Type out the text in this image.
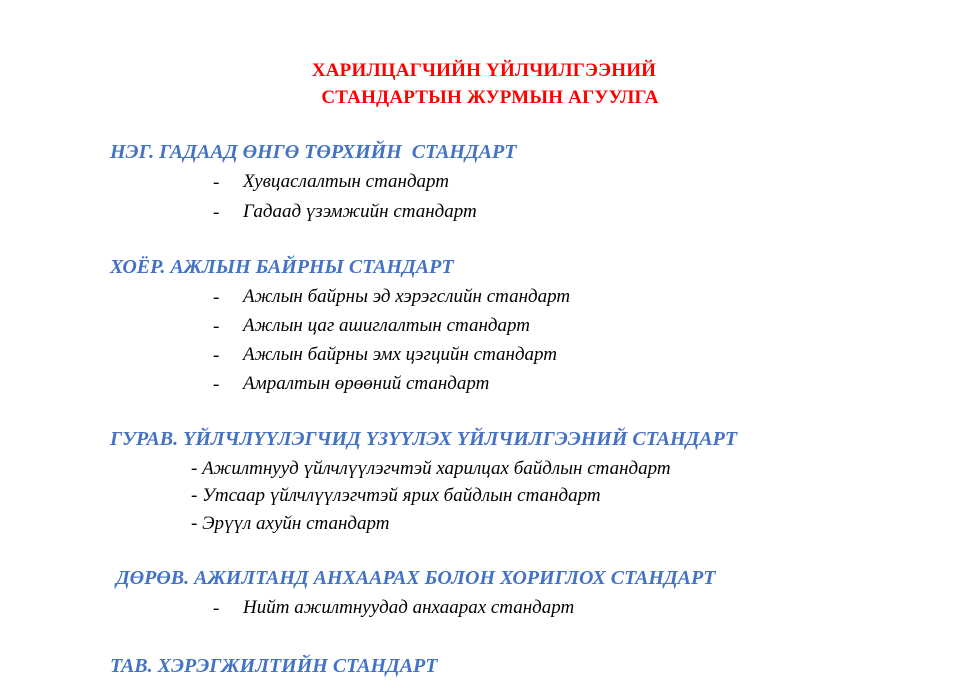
ХАРИЛЦАГЧИЙН ҮЙЛЧИЛГЭЭНИЙ

СТАНДАРТЫН ЖУРМЫН АГУУЛГА

НЭГ. ГАДААД ӨНГӨ ТӨРХИЙН  СТАНДАРТ

- Хувцаслалтын стандарт
- Гадаад үзэмжийн стандарт

ХОЁР. АЖЛЫН БАЙРНЫ СТАНДАРТ

- Ажлын байрны эд хэрэгслийн стандарт
- Ажлын цаг ашиглалтын стандарт
- Ажлын байрны эмх цэгцийн стандарт
- Амралтын өрөөний стандарт

ГУРАВ. ҮЙЛЧЛҮҮЛЭГЧИД ҮЗҮҮЛЭХ ҮЙЛЧИЛГЭЭНИЙ СТАНДАРТ

- Ажилтнууд үйлчлүүлэгчтэй харилцах байдлын стандарт
- Утсаар үйлчлүүлэгчтэй ярих байдлын стандарт
- Эрүүл ахуйн стандарт

ДӨРӨВ. АЖИЛТАНД АНХААРАХ БОЛОН ХОРИГЛОХ СТАНДАРТ

- Нийт ажилтнуудад анхаарах стандарт

ТАВ. ХЭРЭГЖИЛТИЙН СТАНДАРТ
